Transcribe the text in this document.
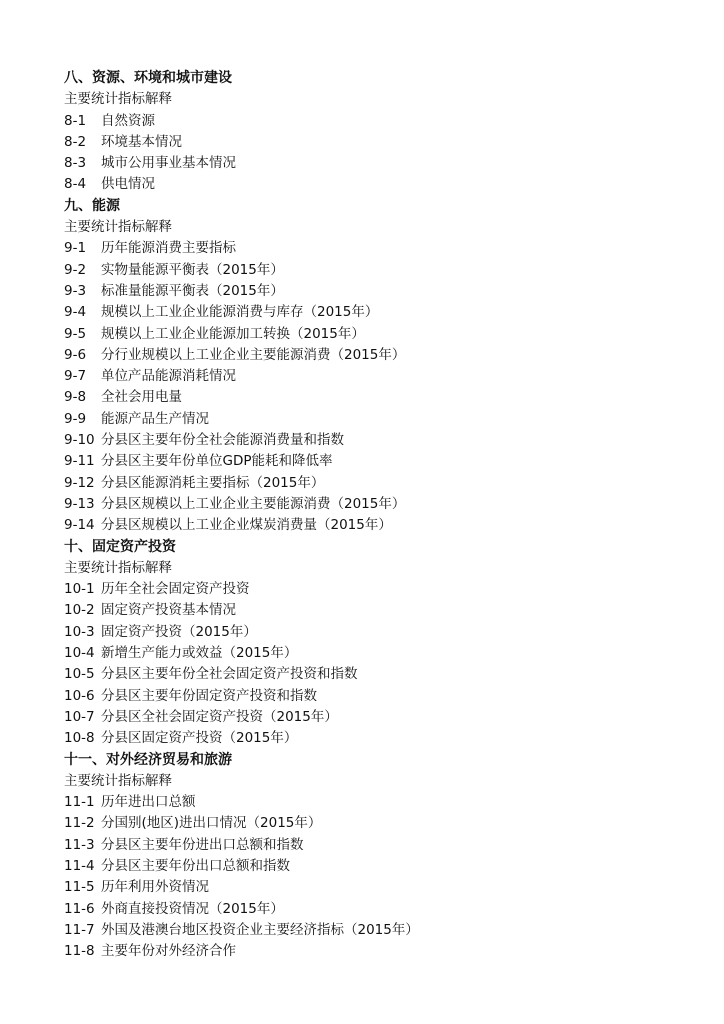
八、资源、环境和城市建设
主要统计指标解释
8-1 自然资源
8-2 环境基本情况
8-3 城市公用事业基本情况
8-4 供电情况
九、能源
主要统计指标解释
9-1 历年能源消费主要指标
9-2 实物量能源平衡表（2015年）
9-3 标准量能源平衡表（2015年）
9-4 规模以上工业企业能源消费与库存（2015年）
9-5 规模以上工业企业能源加工转换（2015年）
9-6 分行业规模以上工业企业主要能源消费（2015年）
9-7 单位产品能源消耗情况
9-8 全社会用电量
9-9 能源产品生产情况
9-10 分县区主要年份全社会能源消费量和指数
9-11 分县区主要年份单位GDP能耗和降低率
9-12 分县区能源消耗主要指标（2015年）
9-13 分县区规模以上工业企业主要能源消费（2015年）
9-14 分县区规模以上工业企业煤炭消费量（2015年）
十、固定资产投资
主要统计指标解释
10-1 历年全社会固定资产投资
10-2 固定资产投资基本情况
10-3 固定资产投资（2015年）
10-4 新增生产能力或效益（2015年）
10-5 分县区主要年份全社会固定资产投资和指数
10-6 分县区主要年份固定资产投资和指数
10-7 分县区全社会固定资产投资（2015年）
10-8 分县区固定资产投资（2015年）
十一、对外经济贸易和旅游
主要统计指标解释
11-1 历年进出口总额
11-2 分国别(地区)进出口情况（2015年）
11-3 分县区主要年份进出口总额和指数
11-4 分县区主要年份出口总额和指数
11-5 历年利用外资情况
11-6 外商直接投资情况（2015年）
11-7 外国及港澳台地区投资企业主要经济指标（2015年）
11-8 主要年份对外经济合作
